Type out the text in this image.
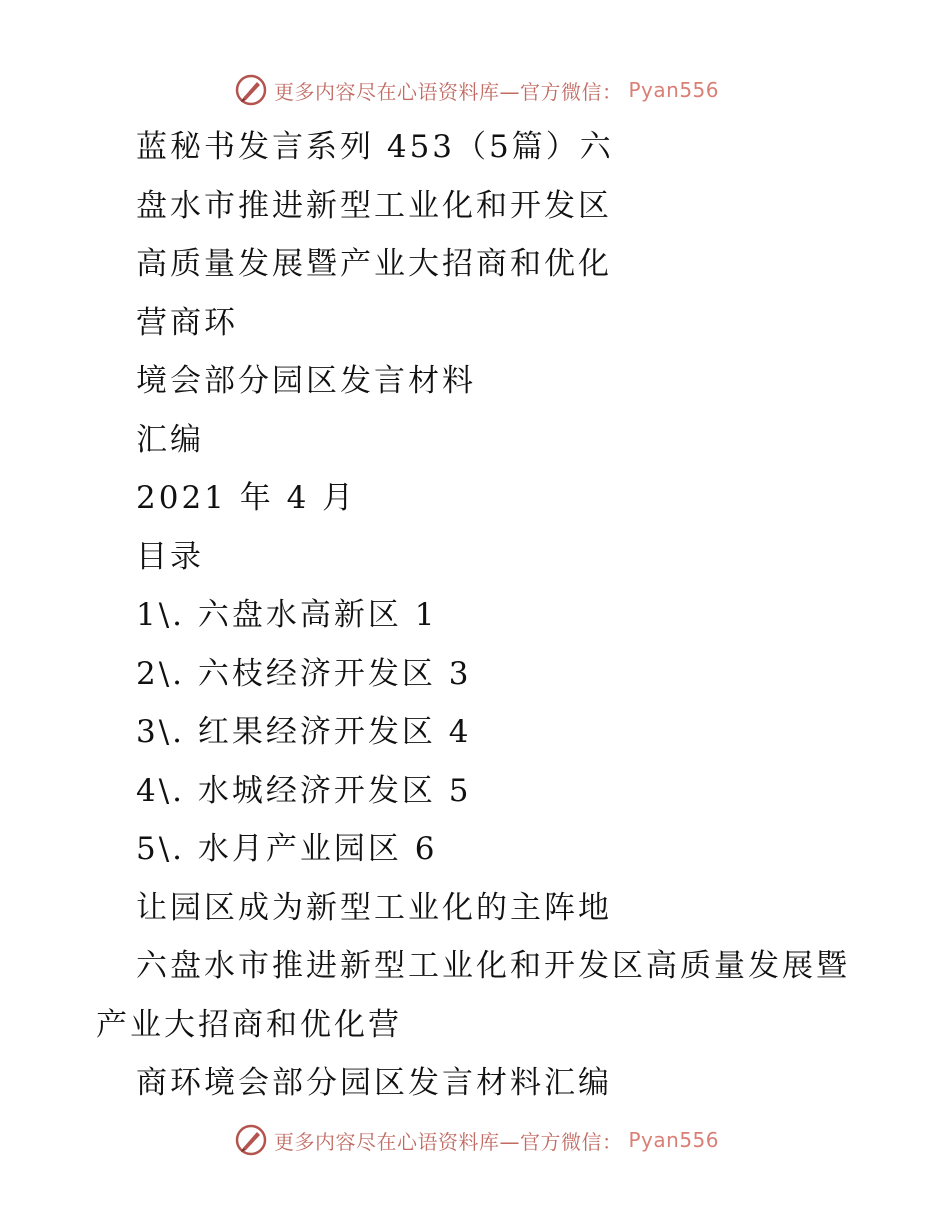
更多内容尽在心语资料库—官方微信： Pyan556
蓝秘书发言系列 453（5篇）六
盘水市推进新型工业化和开发区
高质量发展暨产业大招商和优化
营商环
境会部分园区发言材料
汇编
2021 年 4 月
目录
1\. 六盘水高新区 1
2\. 六枝经济开发区 3
3\. 红果经济开发区 4
4\. 水城经济开发区 5
5\. 水月产业园区 6
让园区成为新型工业化的主阵地
六盘水市推进新型工业化和开发区高质量发展暨
产业大招商和优化营
商环境会部分园区发言材料汇编
更多内容尽在心语资料库—官方微信： Pyan556
